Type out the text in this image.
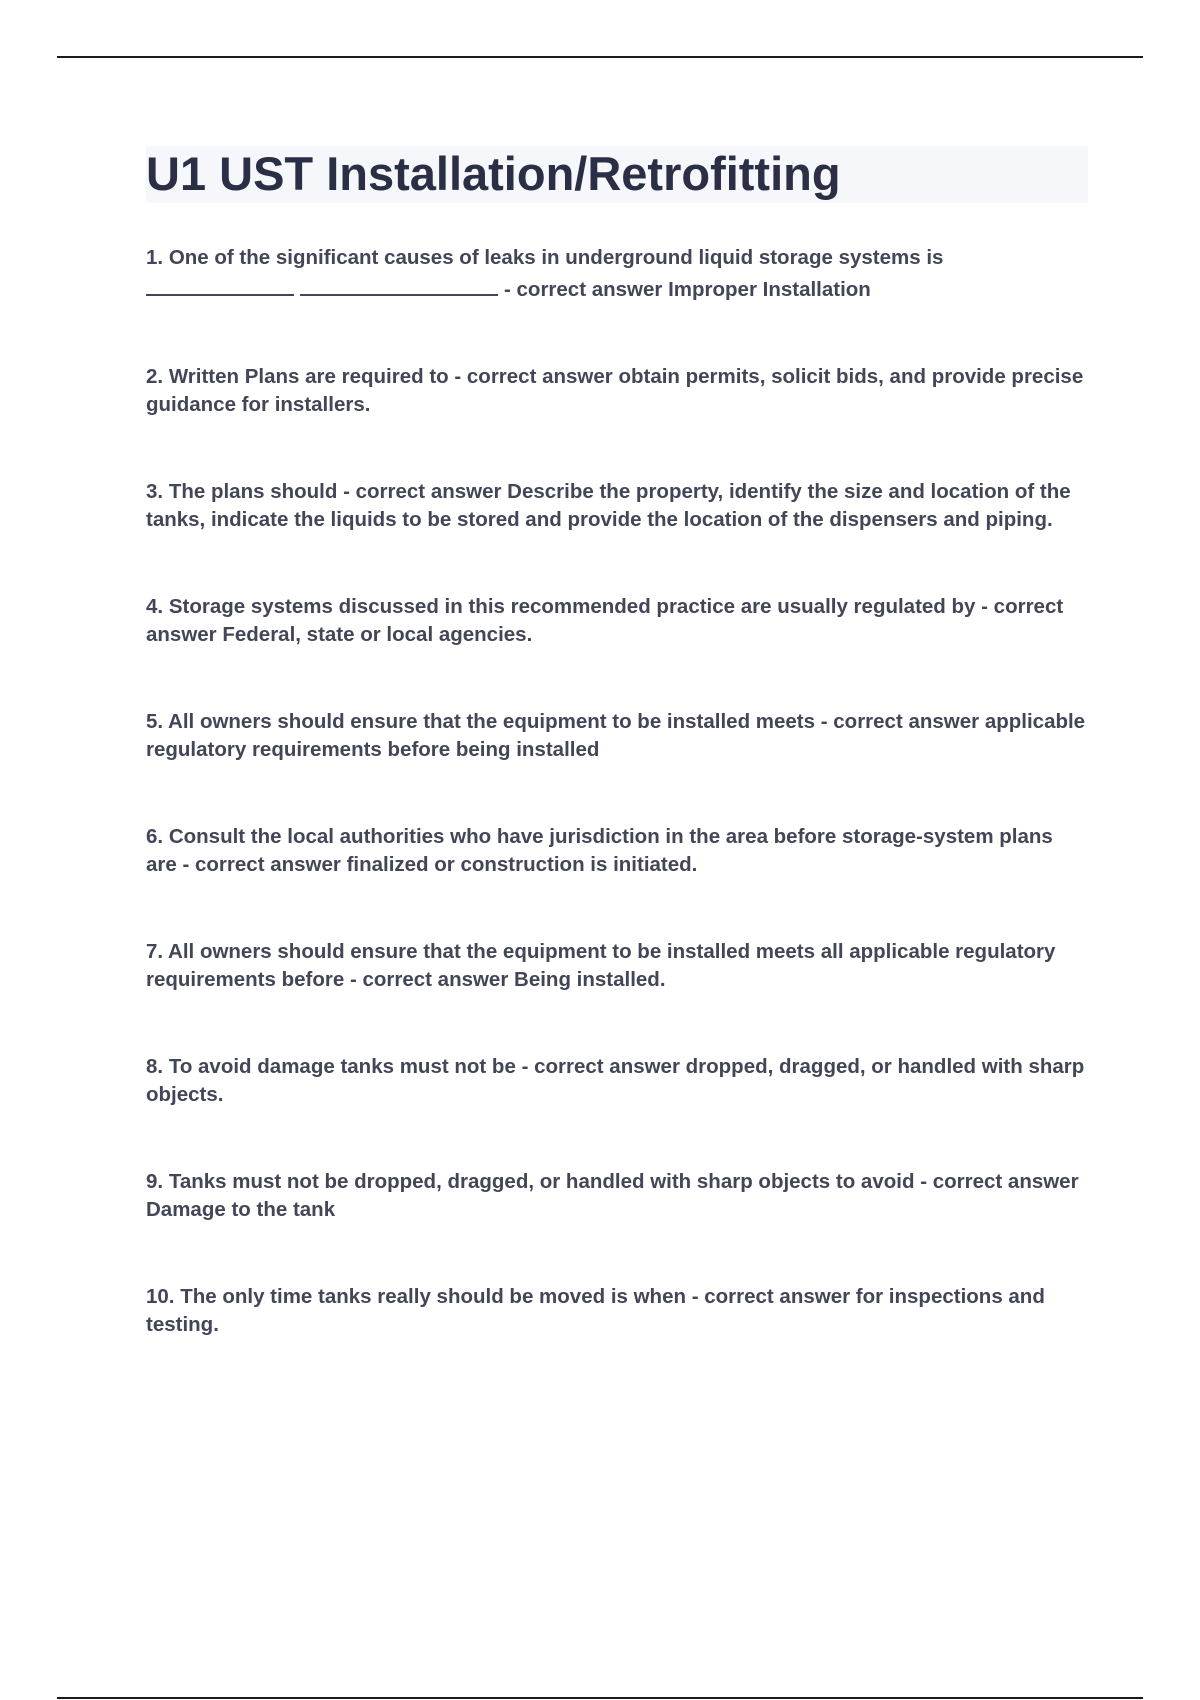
U1 UST Installation/Retrofitting

1. One of the significant causes of leaks in underground liquid storage systems is
- correct answer Improper Installation

2. Written Plans are required to - correct answer obtain permits, solicit bids, and provide precise guidance for installers.

3. The plans should - correct answer Describe the property, identify the size and location of the tanks, indicate the liquids to be stored and provide the location of the dispensers and piping.

4. Storage systems discussed in this recommended practice are usually regulated by - correct answer Federal, state or local agencies.

5. All owners should ensure that the equipment to be installed meets - correct answer applicable regulatory requirements before being installed

6. Consult the local authorities who have jurisdiction in the area before storage-system plans are - correct answer finalized or construction is initiated.

7. All owners should ensure that the equipment to be installed meets all applicable regulatory requirements before - correct answer Being installed.

8. To avoid damage tanks must not be - correct answer dropped, dragged, or handled with sharp objects.

9. Tanks must not be dropped, dragged, or handled with sharp objects to avoid - correct answer Damage to the tank

10. The only time tanks really should be moved is when - correct answer for inspections and testing.
